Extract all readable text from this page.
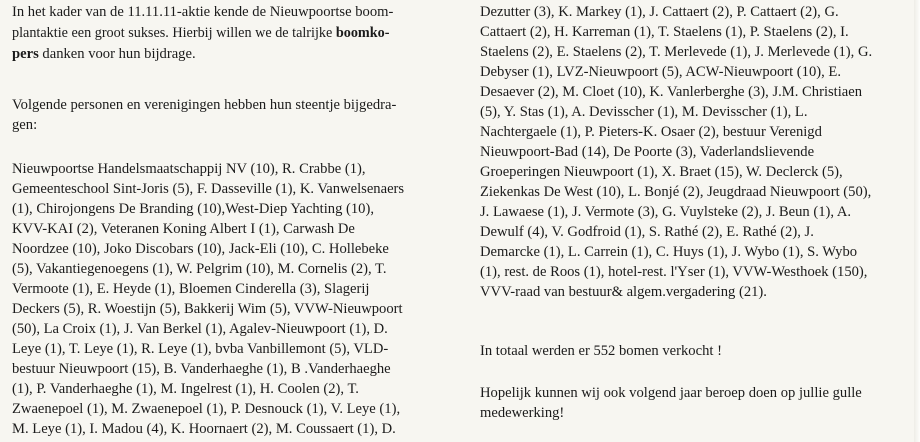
In het kader van de 11.11.11-aktie kende de Nieuwpoortse boom-
plantaktie een groot sukses. Hierbij willen we de talrijke boomko-
pers danken voor hun bijdrage.
Volgende personen en verenigingen hebben hun steentje bijgedra-
gen:
Nieuwpoortse Handelsmaatschappij NV (10), R. Crabbe (1),
Gemeenteschool Sint-Joris (5), F. Dasseville (1), K. Vanwelsenaers
(1), Chirojongens De Branding (10),West-Diep Yachting (10),
KVV-KAI (2), Veteranen Koning Albert I (1), Carwash De
Noordzee (10), Joko Discobars (10), Jack-Eli (10), C. Hollebeke
(5), Vakantiegenoegens (1), W. Pelgrim (10), M. Cornelis (2), T.
Vermoote (1), E. Heyde (1), Bloemen Cinderella (3), Slagerij
Deckers (5), R. Woestijn (5), Bakkerij Wim (5), VVW-Nieuwpoort
(50), La Croix (1), J. Van Berkel (1), Agalev-Nieuwpoort (1), D.
Leye (1), T. Leye (1), R. Leye (1), bvba Vanbillemont (5), VLD-
bestuur Nieuwpoort (15), B. Vanderhaeghe (1), B .Vanderhaeghe
(1), P. Vanderhaeghe (1), M. Ingelrest (1), H. Coolen (2), T.
Zwaenepoel (1), M. Zwaenepoel (1), P. Desnouck (1), V. Leye (1),
M. Leye (1), I. Madou (4), K. Hoornaert (2), M. Coussaert (1), D.
Dezutter (3), K. Markey (1), J. Cattaert (2), P. Cattaert (2), G.
Cattaert (2), H. Karreman (1), T. Staelens (1), P. Staelens (2), I.
Staelens (2), E. Staelens (2), T. Merlevede (1), J. Merlevede (1), G.
Debyser (1), LVZ-Nieuwpoort (5), ACW-Nieuwpoort (10), E.
Desaever (2), M. Cloet (10), K. Vanlerberghe (3), J.M. Christiaen
(5), Y. Stas (1), A. Devisscher (1), M. Devisscher (1), L.
Nachtergaele (1), P. Pieters-K. Osaer (2), bestuur Verenigd
Nieuwpoort-Bad (14), De Poorte (3), Vaderlandslievende
Groeperingen Nieuwpoort (1), X. Braet (15), W. Declerck (5),
Ziekenkas De West (10), L. Bonjé (2), Jeugdraad Nieuwpoort (50),
J. Lawaese (1), J. Vermote (3), G. Vuylsteke (2), J. Beun (1), A.
Dewulf (4), V. Godfroid (1), S. Rathé (2), E. Rathé (2), J.
Demarcke (1), L. Carrein (1), C. Huys (1), J. Wybo (1), S. Wybo
(1), rest. de Roos (1), hotel-rest. l'Yser (1), VVW-Westhoek (150),
VVV-raad van bestuur& algem.vergadering (21).
In totaal werden er 552 bomen verkocht !
Hopelijk kunnen wij ook volgend jaar beroep doen op jullie gulle
medewerking!
